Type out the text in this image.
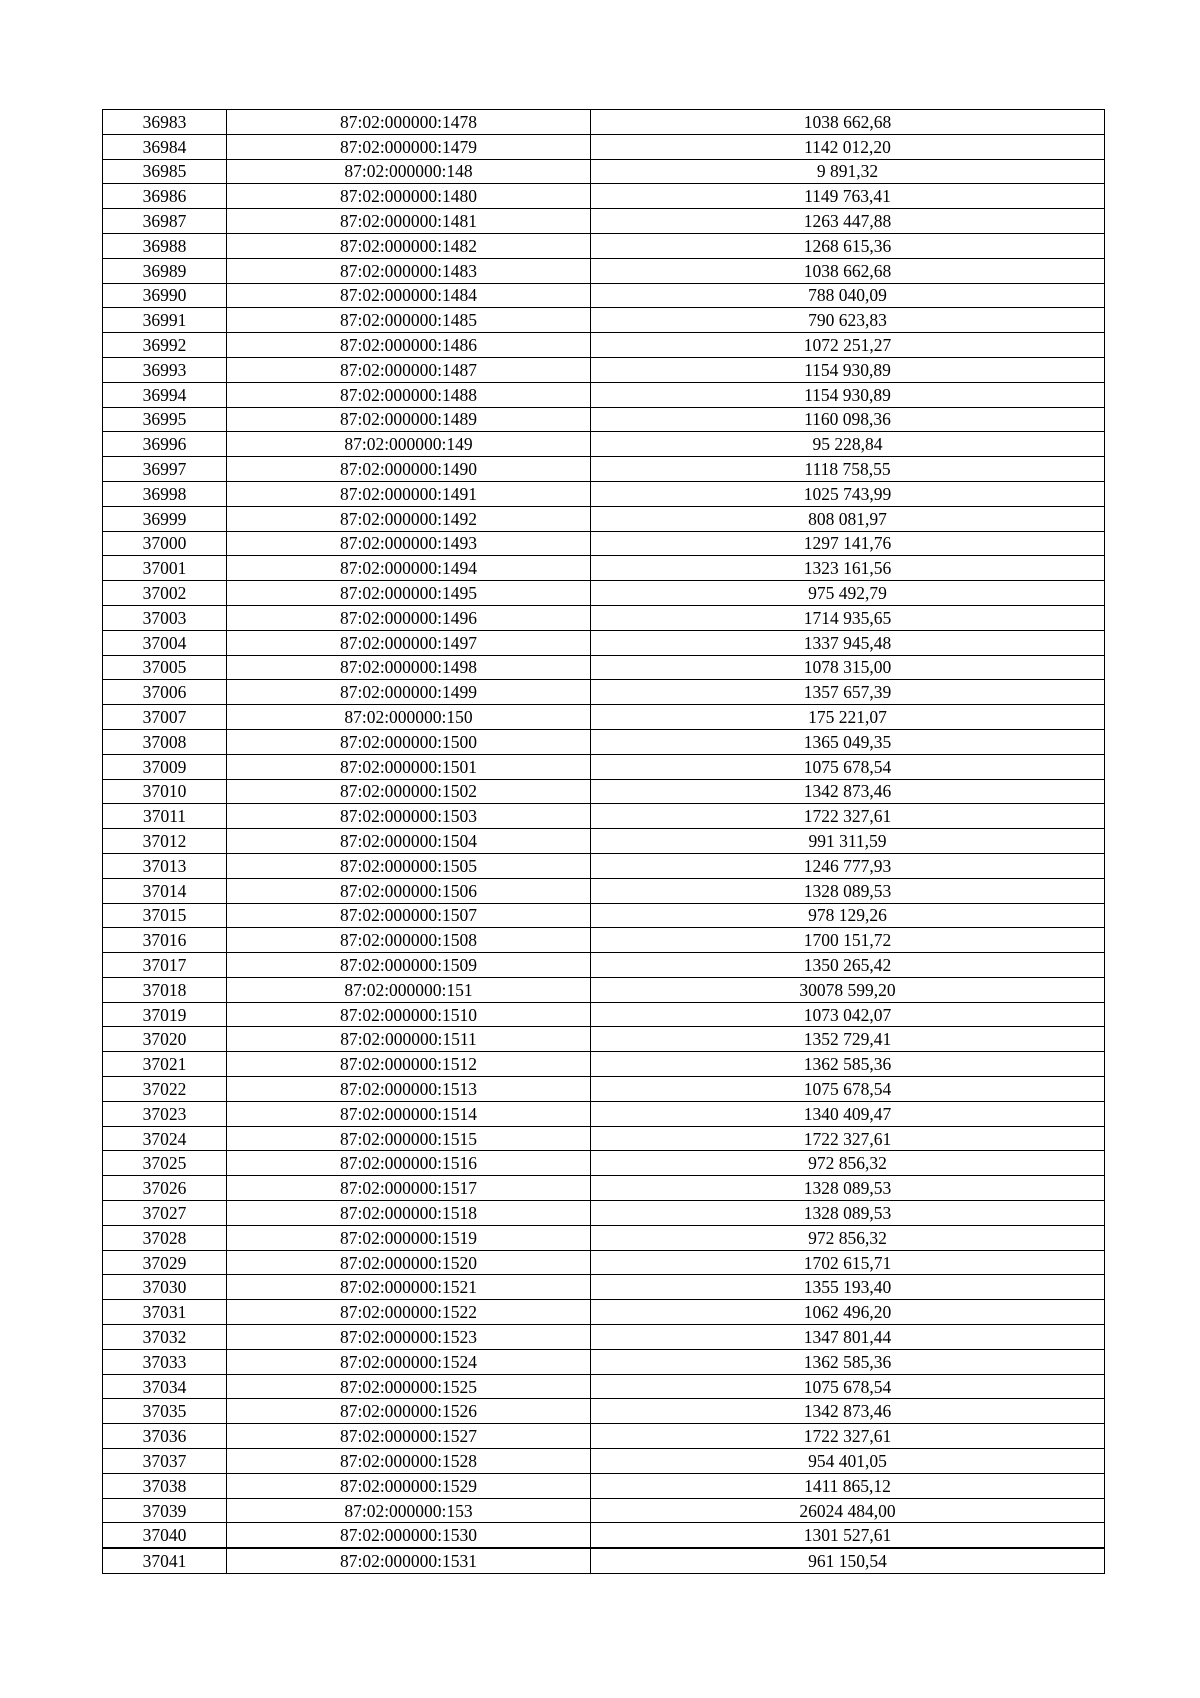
36983	87:02:000000:1478	1038 662,68
36984	87:02:000000:1479	1142 012,20
36985	87:02:000000:148	9 891,32
36986	87:02:000000:1480	1149 763,41
36987	87:02:000000:1481	1263 447,88
36988	87:02:000000:1482	1268 615,36
36989	87:02:000000:1483	1038 662,68
36990	87:02:000000:1484	788 040,09
36991	87:02:000000:1485	790 623,83
36992	87:02:000000:1486	1072 251,27
36993	87:02:000000:1487	1154 930,89
36994	87:02:000000:1488	1154 930,89
36995	87:02:000000:1489	1160 098,36
36996	87:02:000000:149	95 228,84
36997	87:02:000000:1490	1118 758,55
36998	87:02:000000:1491	1025 743,99
36999	87:02:000000:1492	808 081,97
37000	87:02:000000:1493	1297 141,76
37001	87:02:000000:1494	1323 161,56
37002	87:02:000000:1495	975 492,79
37003	87:02:000000:1496	1714 935,65
37004	87:02:000000:1497	1337 945,48
37005	87:02:000000:1498	1078 315,00
37006	87:02:000000:1499	1357 657,39
37007	87:02:000000:150	175 221,07
37008	87:02:000000:1500	1365 049,35
37009	87:02:000000:1501	1075 678,54
37010	87:02:000000:1502	1342 873,46
37011	87:02:000000:1503	1722 327,61
37012	87:02:000000:1504	991 311,59
37013	87:02:000000:1505	1246 777,93
37014	87:02:000000:1506	1328 089,53
37015	87:02:000000:1507	978 129,26
37016	87:02:000000:1508	1700 151,72
37017	87:02:000000:1509	1350 265,42
37018	87:02:000000:151	30078 599,20
37019	87:02:000000:1510	1073 042,07
37020	87:02:000000:1511	1352 729,41
37021	87:02:000000:1512	1362 585,36
37022	87:02:000000:1513	1075 678,54
37023	87:02:000000:1514	1340 409,47
37024	87:02:000000:1515	1722 327,61
37025	87:02:000000:1516	972 856,32
37026	87:02:000000:1517	1328 089,53
37027	87:02:000000:1518	1328 089,53
37028	87:02:000000:1519	972 856,32
37029	87:02:000000:1520	1702 615,71
37030	87:02:000000:1521	1355 193,40
37031	87:02:000000:1522	1062 496,20
37032	87:02:000000:1523	1347 801,44
37033	87:02:000000:1524	1362 585,36
37034	87:02:000000:1525	1075 678,54
37035	87:02:000000:1526	1342 873,46
37036	87:02:000000:1527	1722 327,61
37037	87:02:000000:1528	954 401,05
37038	87:02:000000:1529	1411 865,12
37039	87:02:000000:153	26024 484,00
37040	87:02:000000:1530	1301 527,61
37041	87:02:000000:1531	961 150,54
